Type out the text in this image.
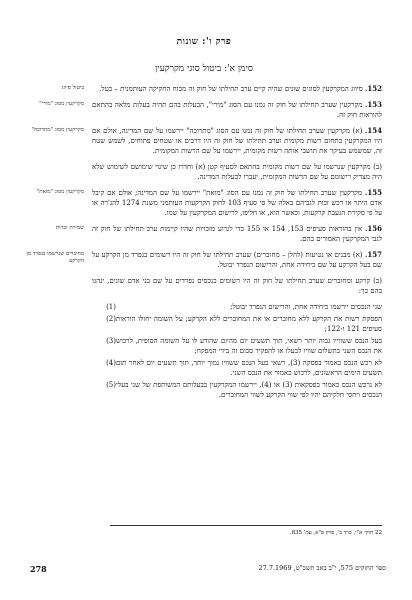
פרק ו': שונות
סימן א': ביטול סוגי מקרקעין
152. סיווג המקרקעין לסוגים שונים שהיה קיים ערב תחילתו של חוק זה מכוח החקיקה העותמנית – בטל.
ביטול סיווג
153. מקרקעין שערב תחילתו של חוק זה נמנו עם הסוג "מירי", הבעלות בהם תהיה בעלות מלאה בהתאם להוראות חוק זה.
מקרקעין מסוג "מירי"
154. (א) מקרקעין שערב תחילתו של חוק זה נמנו עם הסוג "מתרוכה" יירשמו על שם המדינה, אולם אם היו המקרקעין בתחום רשות מקומית וערב תחילתו של חוק זה היו דרכים או שטחים פתוחים, לשמש שטח זה, שמשמש בעיקר את תושבי אותה רשות מקומית, יירשמו על שם הרשות המקומית.
מקרקעין מסוג "מתרוכה"
(ב) מקרקעין שנרשמו על שם רשות מקומית בהתאם לסעיף קטן (א) וחדרו כן שינוי שימושם לשימוש שלא היה מצדיק רישומם על שם הרשות המקומית, יעברו לבעלות המדינה.
155. מקרקעין שערב תחילתו של חוק זה נמנו עם הסוג "מואת" יירשמו על שם המדינה; אולם אם קיבל אדם היתר או רכש זכות לגביהם באלה של סי סעיף 103 לחוק הקרקעות העותמני משנת 1274 להג'רה או על פי סקירת הגעבת קרקעות, וכאשר הוא, או חליפו, לרישום המקרקעין על שמו.
מקרקעין מסוג "מואת"
156. אין בהוראות סעיפים 153, 154 או 155 כדי לגרוע מזכויות שהיו קיימות ערב תחילתו של חוק זה לגבי המקרקעין האמורים בהם.
שמירת זכויות
157. (א) מבנים או נטיעות (להלן – מחוברים) שערב תחילתו של חוק זה היו רשומים בנפרד מן הקרקע על שם בעל הקרקע על שם כיחידה אחת, והרישום הנפרד יבוטל.
מחוברים שנרשמו בנפרד מן הקרקע
(ב) קרקע ומחוברים שערב תחילתו של חוק זה היו רשומים כנכסים נפרדים על שם בני אדם שונים, ינהגו בהם כך:
(1)	שני הנכסים יירשמו כיחידה אחת, והרישום הנפרד יבוטל;
(2) הפסקת רשות את הקרקע ללא מחוברים או את המחוברים ללא הקרקע; על השומה יחולו הוראות סעיפים 121 ו-122;
(3) בעל הנכס ששווייו גבוה יותר רשאי, תוך תשעים יום מהיום שהודע לו על השומה הסופית, לרכוש את הנכס השני בתשלום שוויו לבעלו או להפקיד סכום זה בידי המפקח;
(4) לא רכש הנכס כאמור בפסקה (3), רשאי בעל הנכס ששוויו נמוך יותר, תוך תשעים יום לאחר תום תשעים הימים הראשונים, לרכוש כאמור את הנכס השני.
(5) לא נרכש הנכס כאמור בפסקאות (3) או (4), יירשמו המקרקעין בבעלותם המשותפת של שני בעלי הנכסים ויחסי חלקיהם יהיו לפי שווי הקרקע לשווי המחוברים.
22 חוקי א"י, כרך ב', פרק פ"א, עמ' 835.
278	ספר החוקים 575, י"ב באב תשכ"ט, 27.7.1969
